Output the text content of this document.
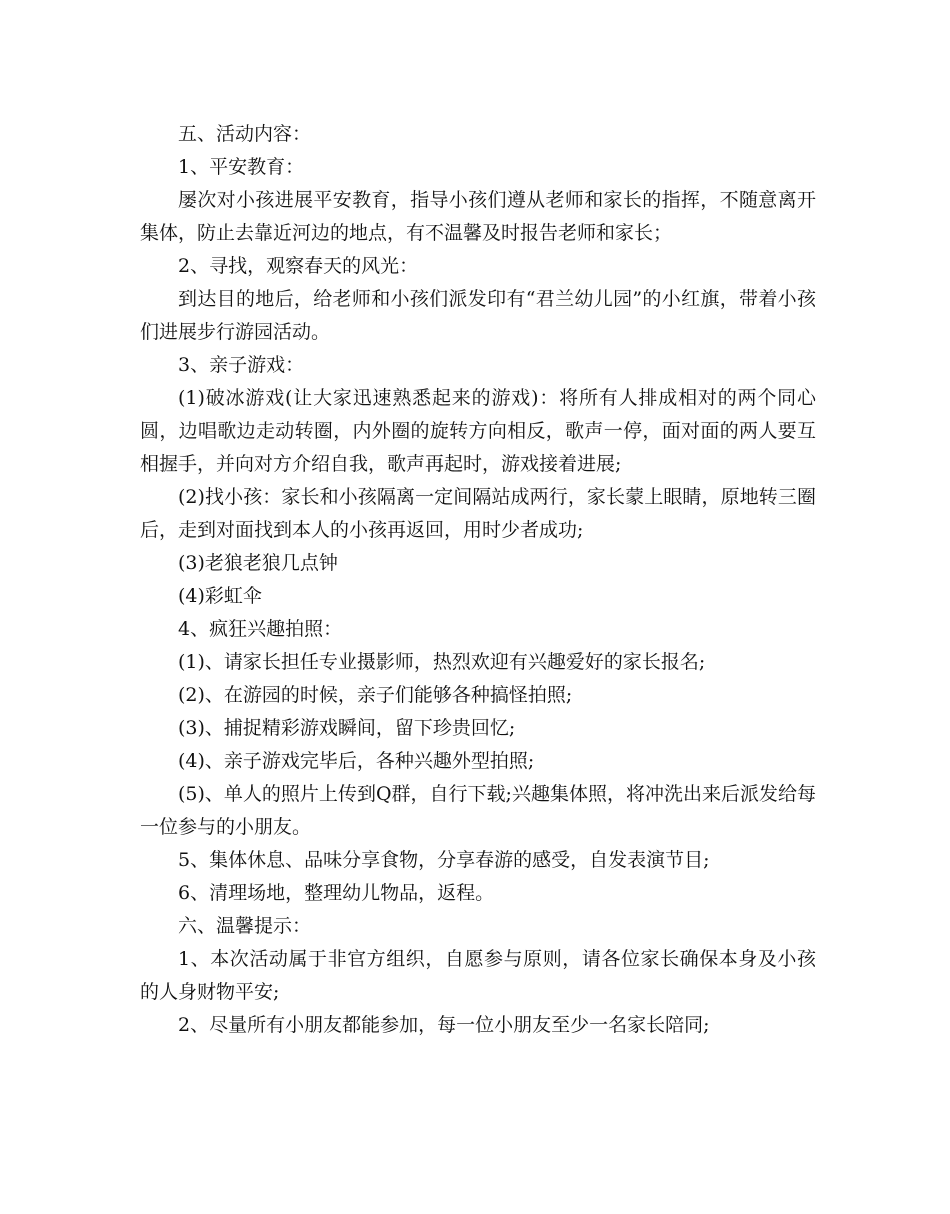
五、活动内容：

1、平安教育：

屡次对小孩进展平安教育，指导小孩们遵从老师和家长的指挥，不随意离开集体，防止去靠近河边的地点，有不温馨及时报告老师和家长；

2、寻找，观察春天的风光：

到达目的地后，给老师和小孩们派发印有“君兰幼儿园”的小红旗，带着小孩们进展步行游园活动。

3、亲子游戏：

(1)破冰游戏(让大家迅速熟悉起来的游戏)：将所有人排成相对的两个同心圆，边唱歌边走动转圈，内外圈的旋转方向相反，歌声一停，面对面的两人要互相握手，并向对方介绍自我，歌声再起时，游戏接着进展;

(2)找小孩：家长和小孩隔离一定间隔站成两行，家长蒙上眼睛，原地转三圈后，走到对面找到本人的小孩再返回，用时少者成功;

(3)老狼老狼几点钟

(4)彩虹伞

4、疯狂兴趣拍照：

(1)、请家长担任专业摄影师，热烈欢迎有兴趣爱好的家长报名;

(2)、在游园的时候，亲子们能够各种搞怪拍照;

(3)、捕捉精彩游戏瞬间，留下珍贵回忆;

(4)、亲子游戏完毕后，各种兴趣外型拍照;

(5)、单人的照片上传到Q群，自行下载;兴趣集体照，将冲洗出来后派发给每一位参与的小朋友。

5、集体休息、品味分享食物，分享春游的感受，自发表演节目;

6、清理场地，整理幼儿物品，返程。

六、温馨提示：

1、本次活动属于非官方组织，自愿参与原则，请各位家长确保本身及小孩的人身财物平安;

2、尽量所有小朋友都能参加，每一位小朋友至少一名家长陪同;
